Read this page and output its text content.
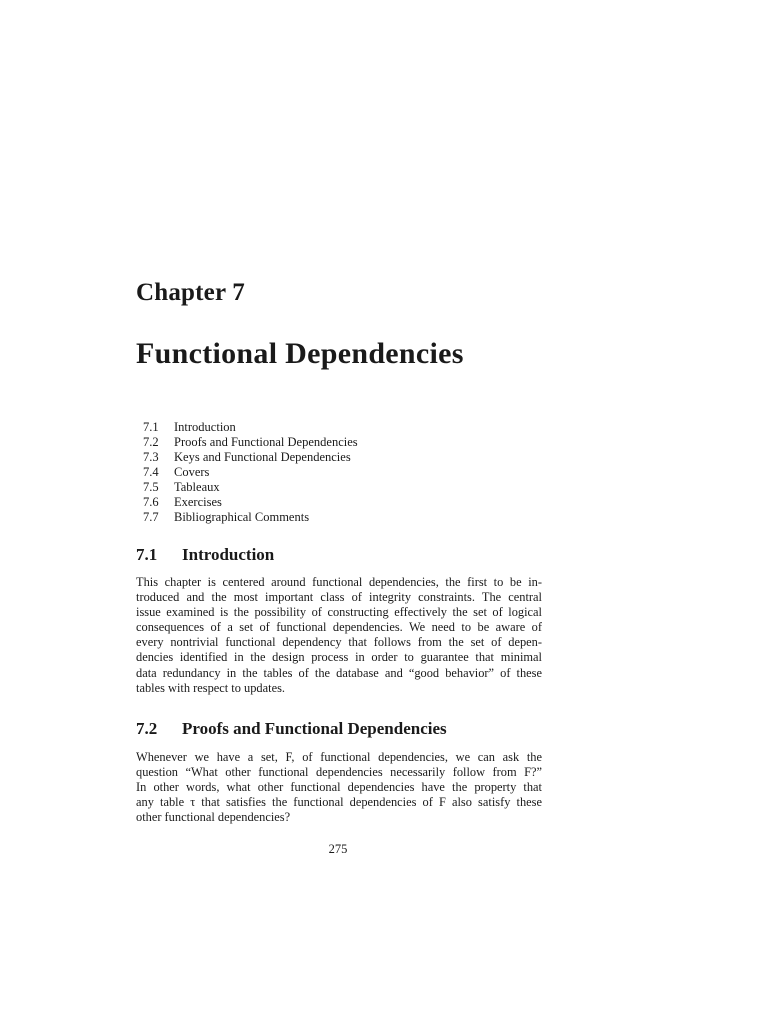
Chapter 7
Functional Dependencies
7.1	Introduction
7.2	Proofs and Functional Dependencies
7.3	Keys and Functional Dependencies
7.4	Covers
7.5	Tableaux
7.6	Exercises
7.7	Bibliographical Comments
7.1 Introduction
This chapter is centered around functional dependencies, the first to be in-
troduced and the most important class of integrity constraints. The central
issue examined is the possibility of constructing effectively the set of logical
consequences of a set of functional dependencies. We need to be aware of
every nontrivial functional dependency that follows from the set of depen-
dencies identified in the design process in order to guarantee that minimal
data redundancy in the tables of the database and “good behavior” of these
tables with respect to updates.
7.2 Proofs and Functional Dependencies
Whenever we have a set, F, of functional dependencies, we can ask the
question “What other functional dependencies necessarily follow from F?”
In other words, what other functional dependencies have the property that
any table τ that satisfies the functional dependencies of F also satisfy these
other functional dependencies?
275
